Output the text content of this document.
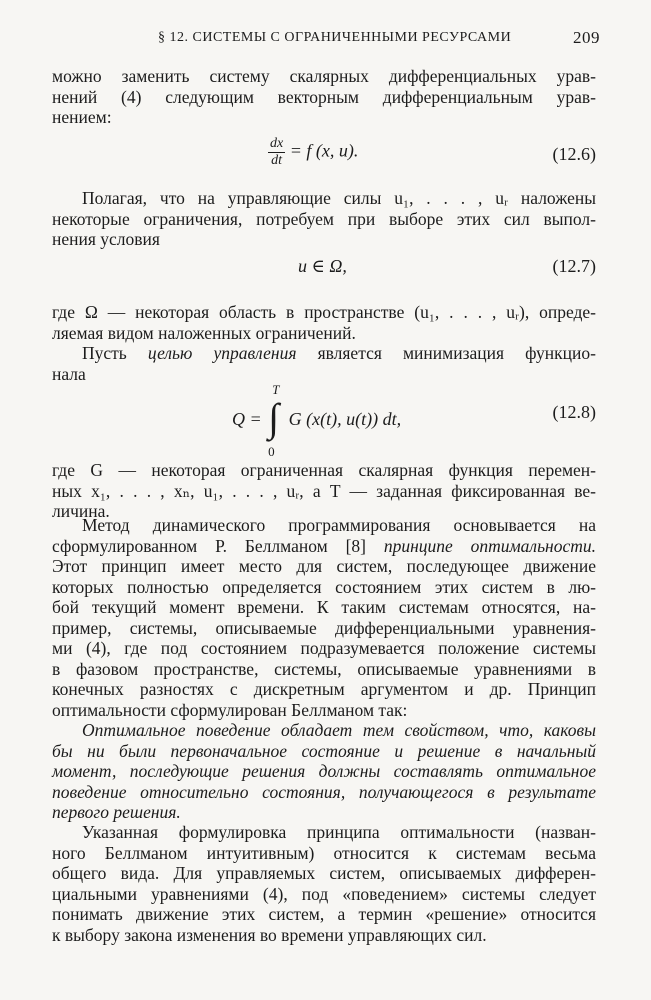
§ 12. СИСТЕМЫ С ОГРАНИЧЕННЫМИ РЕСУРСАМИ	209
можно заменить систему скалярных дифференциальных урав-
нений (4) следующим векторным дифференциальным урав-
нением:
$\frac{dx}{dt} = f$ (x, u).	(12.6)
Полагая, что на управляющие силы u₁, . . . , uᵣ наложены
некоторые ограничения, потребуем при выборе этих сил выпол-
нения условия
u ∈ Ω,	(12.7)
где Ω — некоторая область в пространстве (u₁, . . . , uᵣ), опреде-
ляемая видом наложенных ограничений.
Пусть целью управления является минимизация функцио-
нала
Q = ∫
T
0
G (x(t), u(t)) dt,	(12.8)
где G — некоторая ограниченная скалярная функция перемен-
ных x₁, . . . , xₙ, u₁, . . . , uᵣ, а T — заданная фиксированная ве-
личина.
Метод динамического программирования основывается на
сформулированном Р. Беллманом [8] принципе оптимальности.
Этот принцип имеет место для систем, последующее движение
которых полностью определяется состоянием этих систем в лю-
бой текущий момент времени. К таким системам относятся, на-
пример, системы, описываемые дифференциальными уравнения-
ми (4), где под состоянием подразумевается положение системы
в фазовом пространстве, системы, описываемые уравнениями в
конечных разностях с дискретным аргументом и др. Принцип
оптимальности сформулирован Беллманом так:
Оптимальное поведение обладает тем свойством, что, каковы
бы ни были первоначальное состояние и решение в начальный
момент, последующие решения должны составлять оптимальное
поведение относительно состояния, получающегося в результате
первого решения.
Указанная формулировка принципа оптимальности (назван-
ного Беллманом интуитивным) относится к системам весьма
общего вида. Для управляемых систем, описываемых дифферен-
циальными уравнениями (4), под «поведением» системы следует
понимать движение этих систем, а термин «решение» относится
к выбору закона изменения во времени управляющих сил.
